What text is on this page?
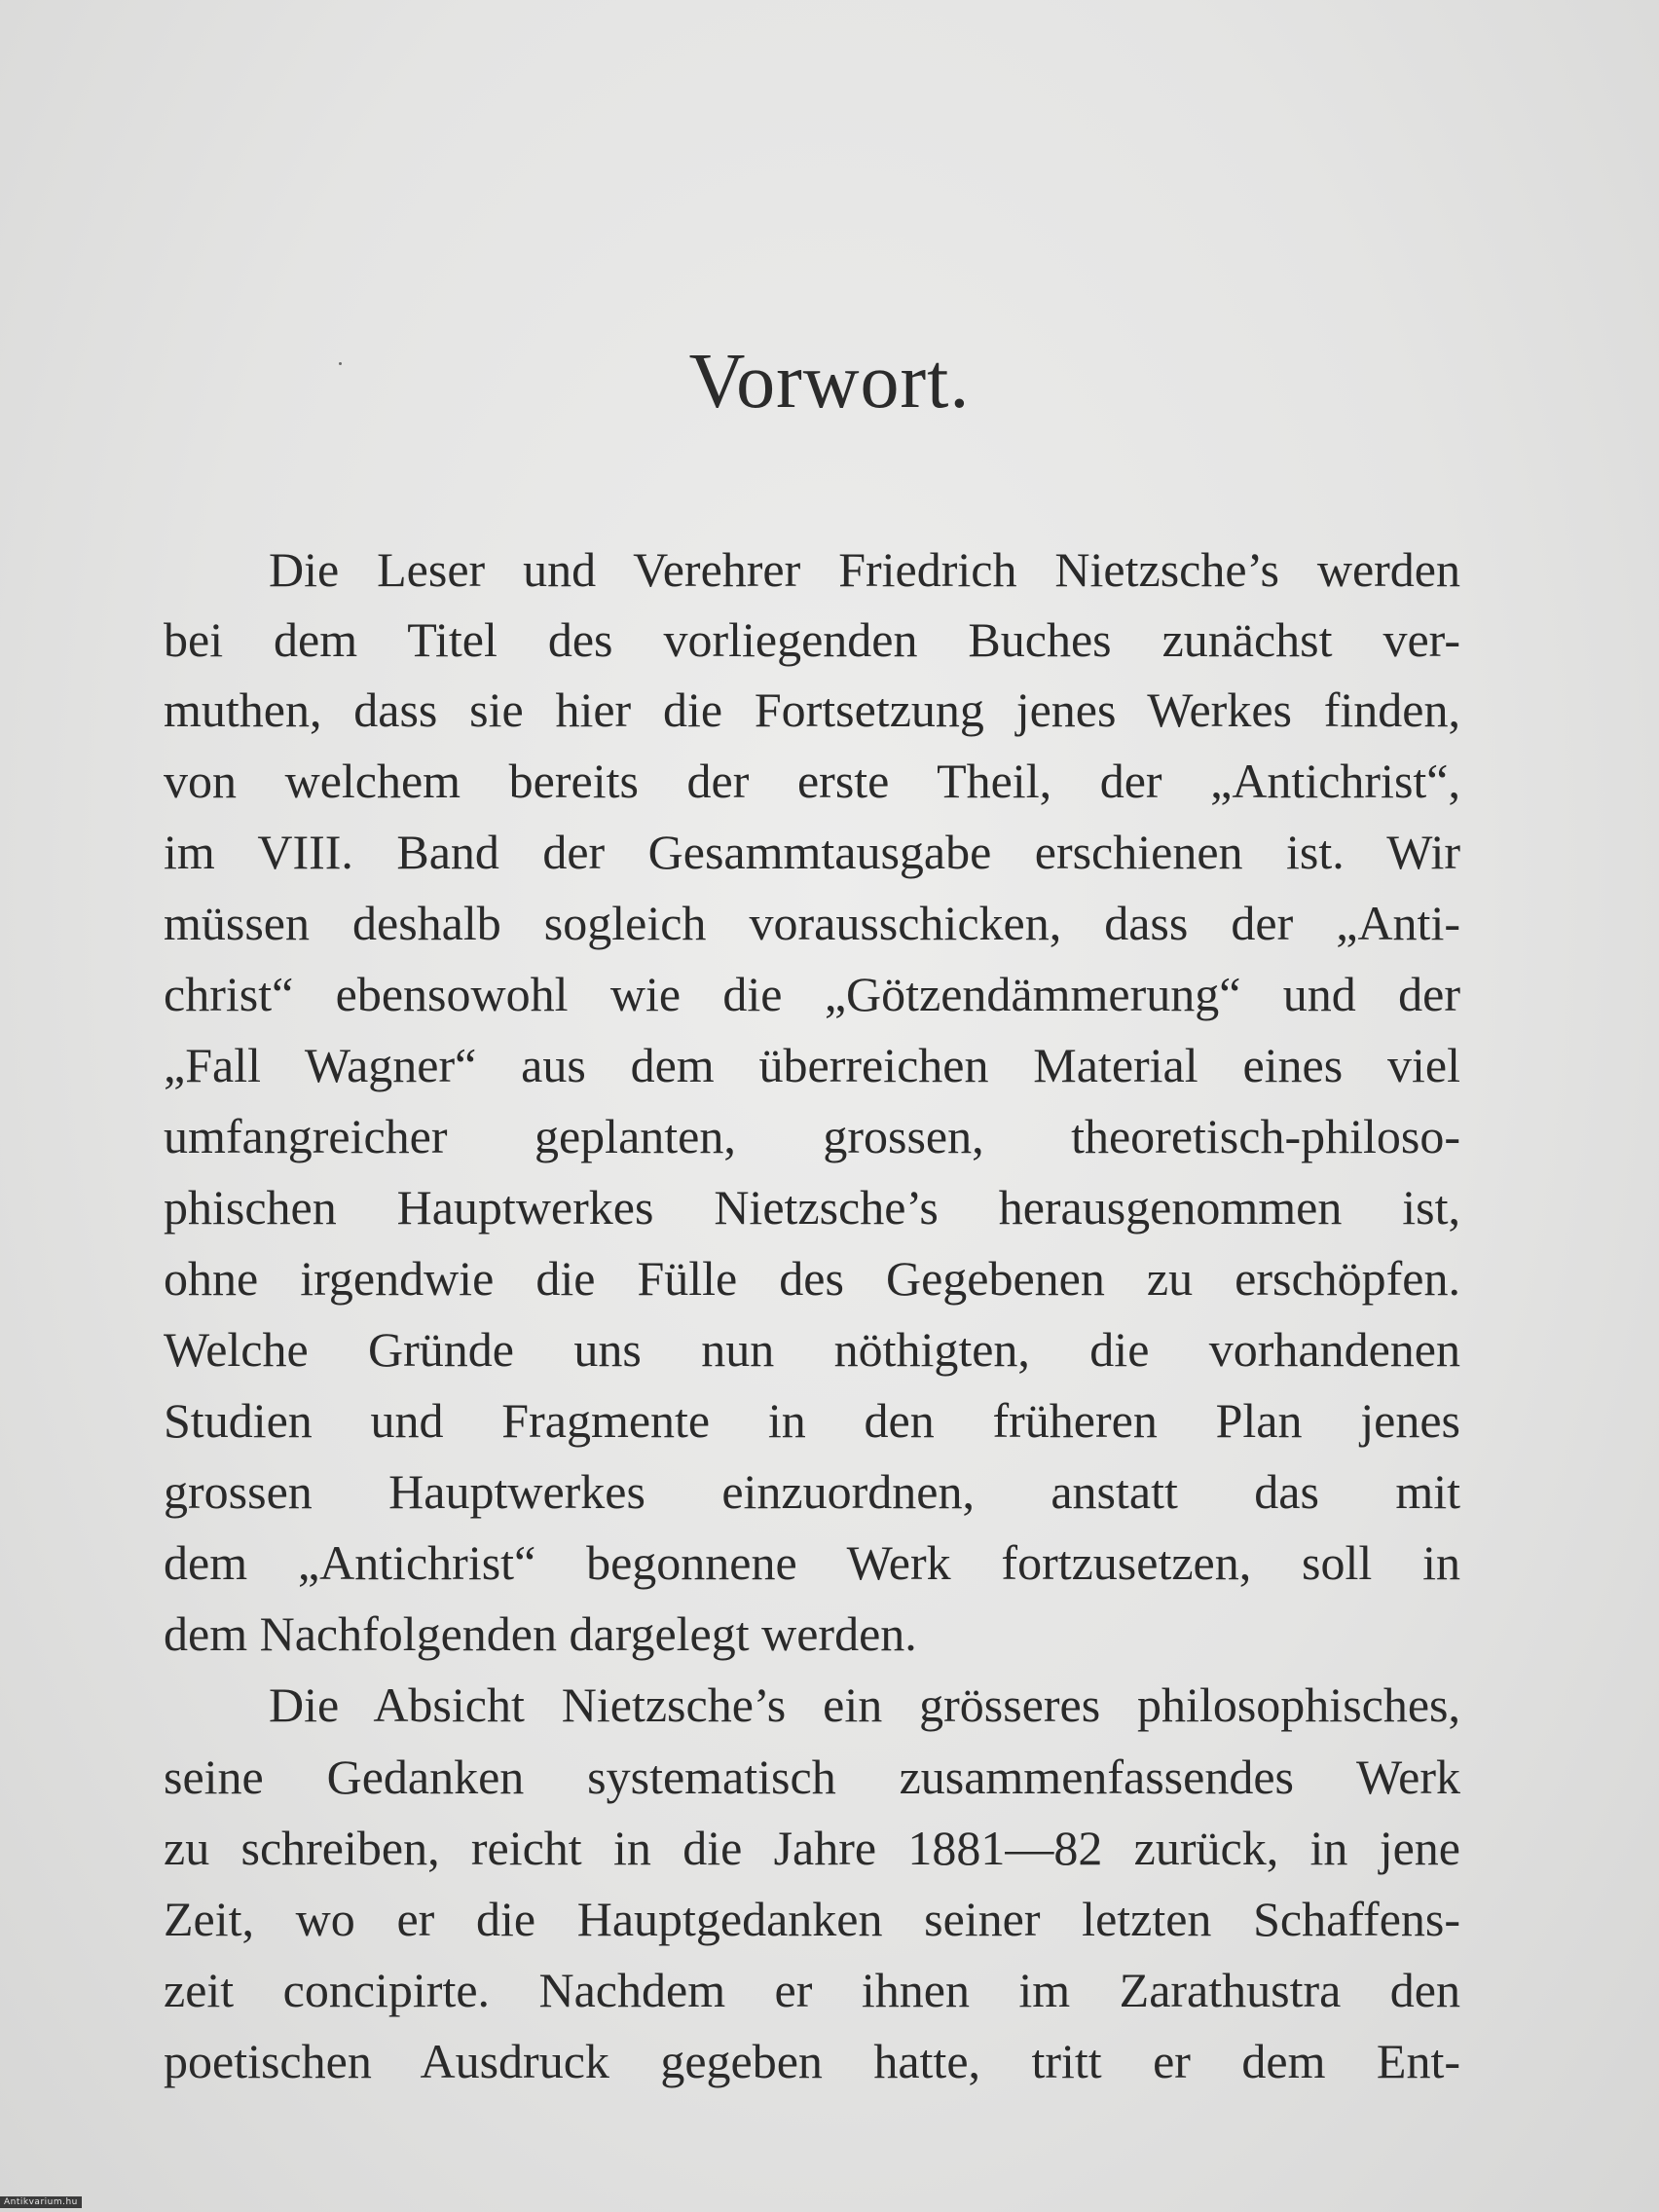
Vorwort.
Die Leser und Verehrer Friedrich Nietzsche’s werden
bei dem Titel des vorliegenden Buches zunächst ver-
muthen, dass sie hier die Fortsetzung jenes Werkes finden,
von welchem bereits der erste Theil, der „Antichrist“,
im VIII. Band der Gesammtausgabe erschienen ist. Wir
müssen deshalb sogleich vorausschicken, dass der „Anti-
christ“ ebensowohl wie die „Götzendämmerung“ und der
„Fall Wagner“ aus dem überreichen Material eines viel
umfangreicher geplanten, grossen, theoretisch-philoso-
phischen Hauptwerkes Nietzsche’s herausgenommen ist,
ohne irgendwie die Fülle des Gegebenen zu erschöpfen.
Welche Gründe uns nun nöthigten, die vorhandenen
Studien und Fragmente in den früheren Plan jenes
grossen Hauptwerkes einzuordnen, anstatt das mit
dem „Antichrist“ begonnene Werk fortzusetzen, soll in
dem Nachfolgenden dargelegt werden.
Die Absicht Nietzsche’s ein grösseres philosophisches,
seine Gedanken systematisch zusammenfassendes Werk
zu schreiben, reicht in die Jahre 1881—82 zurück, in jene
Zeit, wo er die Hauptgedanken seiner letzten Schaffens-
zeit concipirte. Nachdem er ihnen im Zarathustra den
poetischen Ausdruck gegeben hatte, tritt er dem Ent-
Antikvarium.hu
